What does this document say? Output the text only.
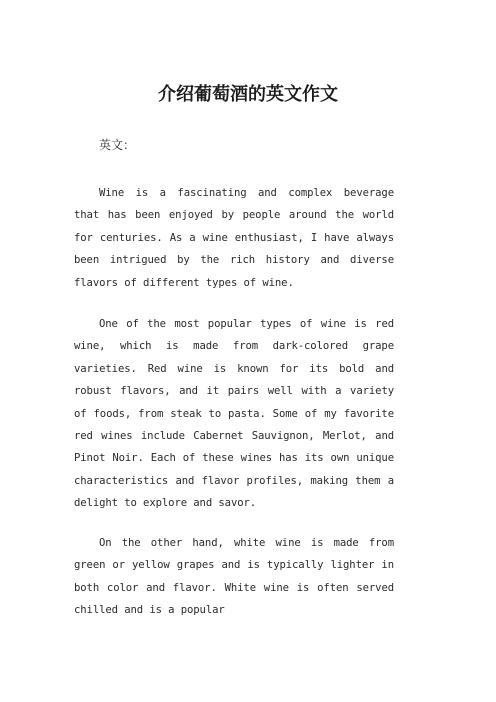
介绍葡萄酒的英文作文

英文：

Wine is a fascinating and complex beverage that has been enjoyed by people around the world for centuries. As a wine enthusiast, I have always been intrigued by the rich history and diverse flavors of different types of wine.

One of the most popular types of wine is red wine, which is made from dark-colored grape varieties. Red wine is known for its bold and robust flavors, and it pairs well with a variety of foods, from steak to pasta. Some of my favorite red wines include Cabernet Sauvignon, Merlot, and Pinot Noir. Each of these wines has its own unique characteristics and flavor profiles, making them a delight to explore and savor.

On the other hand, white wine is made from green or yellow grapes and is typically lighter in both color and flavor. White wine is often served chilled and is a popular
